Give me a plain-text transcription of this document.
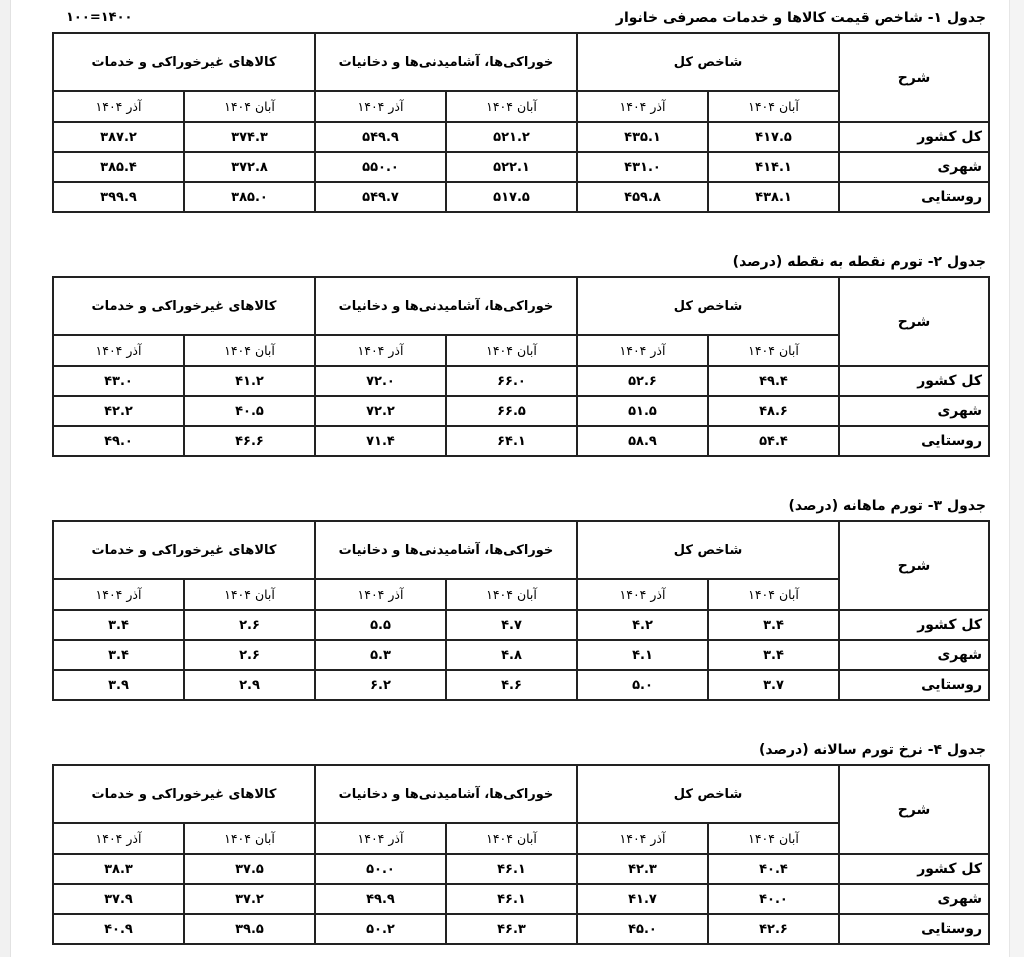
جدول ۱- شاخص قیمت کالاها و خدمات مصرفی خانوار
۱۴۰۰=۱۰۰
شرح	شاخص کل		خوراکی‌ها، آشامیدنی‌ها و دخانیات		کالاهای غیرخوراکی و خدمات	
	آبان ۱۴۰۴	آذر ۱۴۰۴	آبان ۱۴۰۴	آذر ۱۴۰۴	آبان ۱۴۰۴	آذر ۱۴۰۴
کل کشور	۴۱۷.۵	۴۳۵.۱	۵۲۱.۲	۵۴۹.۹	۳۷۴.۳	۳۸۷.۲
شهری	۴۱۴.۱	۴۳۱.۰	۵۲۲.۱	۵۵۰.۰	۳۷۲.۸	۳۸۵.۴
روستایی	۴۳۸.۱	۴۵۹.۸	۵۱۷.۵	۵۴۹.۷	۳۸۵.۰	۳۹۹.۹
جدول ۲- تورم نقطه به نقطه (درصد)
شرح	شاخص کل		خوراکی‌ها، آشامیدنی‌ها و دخانیات		کالاهای غیرخوراکی و خدمات	
	آبان ۱۴۰۴	آذر ۱۴۰۴	آبان ۱۴۰۴	آذر ۱۴۰۴	آبان ۱۴۰۴	آذر ۱۴۰۴
کل کشور	۴۹.۴	۵۲.۶	۶۶.۰	۷۲.۰	۴۱.۲	۴۳.۰
شهری	۴۸.۶	۵۱.۵	۶۶.۵	۷۲.۲	۴۰.۵	۴۲.۲
روستایی	۵۴.۴	۵۸.۹	۶۴.۱	۷۱.۴	۴۶.۶	۴۹.۰
جدول ۳- تورم ماهانه (درصد)
شرح	شاخص کل		خوراکی‌ها، آشامیدنی‌ها و دخانیات		کالاهای غیرخوراکی و خدمات	
	آبان ۱۴۰۴	آذر ۱۴۰۴	آبان ۱۴۰۴	آذر ۱۴۰۴	آبان ۱۴۰۴	آذر ۱۴۰۴
کل کشور	۳.۴	۴.۲	۴.۷	۵.۵	۲.۶	۳.۴
شهری	۳.۴	۴.۱	۴.۸	۵.۳	۲.۶	۳.۴
روستایی	۳.۷	۵.۰	۴.۶	۶.۲	۲.۹	۳.۹
جدول ۴- نرخ تورم سالانه (درصد)
شرح	شاخص کل		خوراکی‌ها، آشامیدنی‌ها و دخانیات		کالاهای غیرخوراکی و خدمات	
	آبان ۱۴۰۴	آذر ۱۴۰۴	آبان ۱۴۰۴	آذر ۱۴۰۴	آبان ۱۴۰۴	آذر ۱۴۰۴
کل کشور	۴۰.۴	۴۲.۳	۴۶.۱	۵۰.۰	۳۷.۵	۳۸.۳
شهری	۴۰.۰	۴۱.۷	۴۶.۱	۴۹.۹	۳۷.۲	۳۷.۹
روستایی	۴۲.۶	۴۵.۰	۴۶.۳	۵۰.۲	۳۹.۵	۴۰.۹
